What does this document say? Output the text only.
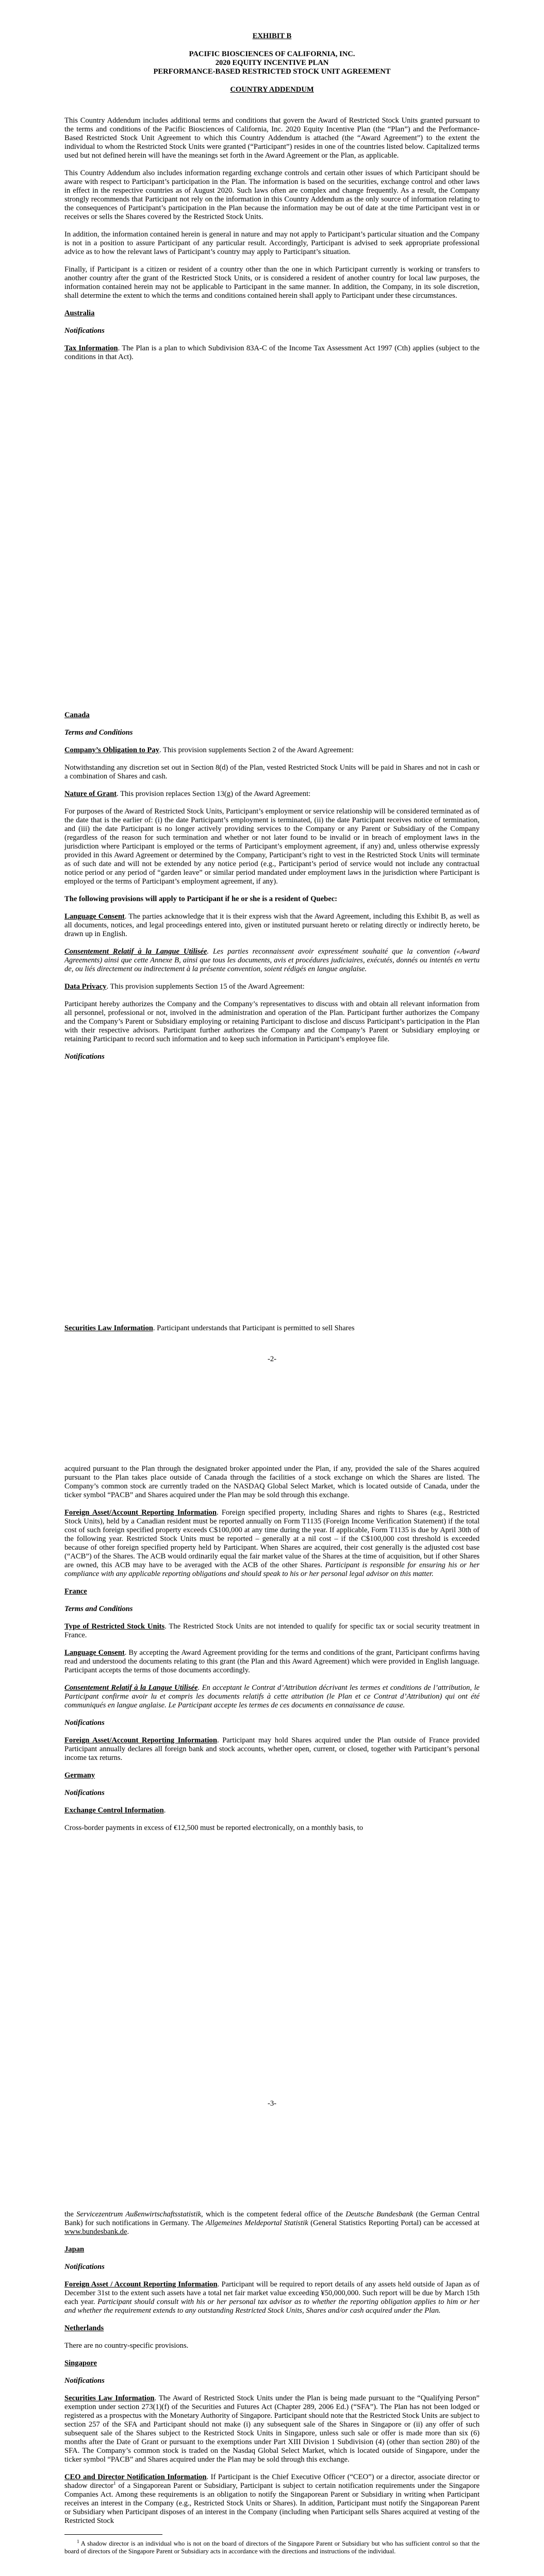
EXHIBIT B
PACIFIC BIOSCIENCES OF CALIFORNIA, INC.
2020 EQUITY INCENTIVE PLAN
PERFORMANCE-BASED RESTRICTED STOCK UNIT AGREEMENT
COUNTRY ADDENDUM

This Country Addendum includes additional terms and conditions that govern the Award of Restricted Stock Units granted pursuant to the terms and conditions of the Pacific Biosciences of California, Inc. 2020 Equity Incentive Plan (the “Plan”) and the Performance-Based Restricted Stock Unit Agreement to which this Country Addendum is attached (the “Award Agreement”) to the extent the individual to whom the Restricted Stock Units were granted (“Participant”) resides in one of the countries listed below. Capitalized terms used but not defined herein will have the meanings set forth in the Award Agreement or the Plan, as applicable.

This Country Addendum also includes information regarding exchange controls and certain other issues of which Participant should be aware with respect to Participant’s participation in the Plan. The information is based on the securities, exchange control and other laws in effect in the respective countries as of August 2020. Such laws often are complex and change frequently. As a result, the Company strongly recommends that Participant not rely on the information in this Country Addendum as the only source of information relating to the consequences of Participant’s participation in the Plan because the information may be out of date at the time Participant vest in or receives or sells the Shares covered by the Restricted Stock Units.

In addition, the information contained herein is general in nature and may not apply to Participant’s particular situation and the Company is not in a position to assure Participant of any particular result. Accordingly, Participant is advised to seek appropriate professional advice as to how the relevant laws of Participant’s country may apply to Participant’s situation.

Finally, if Participant is a citizen or resident of a country other than the one in which Participant currently is working or transfers to another country after the grant of the Restricted Stock Units, or is considered a resident of another country for local law purposes, the information contained herein may not be applicable to Participant in the same manner. In addition, the Company, in its sole discretion, shall determine the extent to which the terms and conditions contained herein shall apply to Participant under these circumstances.

Australia

Notifications

Tax Information. The Plan is a plan to which Subdivision 83A-C of the Income Tax Assessment Act 1997 (Cth) applies (subject to the conditions in that Act).

Canada

Terms and Conditions

Company’s Obligation to Pay. This provision supplements Section 2 of the Award Agreement:

Notwithstanding any discretion set out in Section 8(d) of the Plan, vested Restricted Stock Units will be paid in Shares and not in cash or a combination of Shares and cash.

Nature of Grant. This provision replaces Section 13(g) of the Award Agreement:

For purposes of the Award of Restricted Stock Units, Participant’s employment or service relationship will be considered terminated as of the date that is the earlier of: (i) the date Participant’s employment is terminated, (ii) the date Participant receives notice of termination, and (iii) the date Participant is no longer actively providing services to the Company or any Parent or Subsidiary of the Company (regardless of the reason for such termination and whether or not later found to be invalid or in breach of employment laws in the jurisdiction where Participant is employed or the terms of Participant’s employment agreement, if any) and, unless otherwise expressly provided in this Award Agreement or determined by the Company, Participant’s right to vest in the Restricted Stock Units will terminate as of such date and will not be extended by any notice period (e.g., Participant’s period of service would not include any contractual notice period or any period of “garden leave” or similar period mandated under employment laws in the jurisdiction where Participant is employed or the terms of Participant’s employment agreement, if any).

The following provisions will apply to Participant if he or she is a resident of Quebec:

Language Consent. The parties acknowledge that it is their express wish that the Award Agreement, including this Exhibit B, as well as all documents, notices, and legal proceedings entered into, given or instituted pursuant hereto or relating directly or indirectly hereto, be drawn up in English.

Consentement Relatif à la Langue Utilisée. Les parties reconnaissent avoir expressément souhaité que la convention («Award Agreements) ainsi que cette Annexe B, ainsi que tous les documents, avis et procédures judiciaires, exécutés, donnés ou intentés en vertu de, ou liés directement ou indirectement à la présente convention, soient rédigés en langue anglaise.

Data Privacy. This provision supplements Section 15 of the Award Agreement:

Participant hereby authorizes the Company and the Company’s representatives to discuss with and obtain all relevant information from all personnel, professional or not, involved in the administration and operation of the Plan. Participant further authorizes the Company and the Company’s Parent or Subsidiary employing or retaining Participant to disclose and discuss Participant’s participation in the Plan with their respective advisors. Participant further authorizes the Company and the Company’s Parent or Subsidiary employing or retaining Participant to record such information and to keep such information in Participant’s employee file.

Notifications

-2-

Securities Law Information. Participant understands that Participant is permitted to sell Shares

acquired pursuant to the Plan through the designated broker appointed under the Plan, if any, provided the sale of the Shares acquired pursuant to the Plan takes place outside of Canada through the facilities of a stock exchange on which the Shares are listed. The Company’s common stock are currently traded on the NASDAQ Global Select Market, which is located outside of Canada, under the ticker symbol “PACB” and Shares acquired under the Plan may be sold through this exchange.

Foreign Asset/Account Reporting Information. Foreign specified property, including Shares and rights to Shares (e.g., Restricted Stock Units), held by a Canadian resident must be reported annually on Form T1135 (Foreign Income Verification Statement) if the total cost of such foreign specified property exceeds C$100,000 at any time during the year. If applicable, Form T1135 is due by April 30th of the following year. Restricted Stock Units must be reported – generally at a nil cost – if the C$100,000 cost threshold is exceeded because of other foreign specified property held by Participant. When Shares are acquired, their cost generally is the adjusted cost base (“ACB”) of the Shares. The ACB would ordinarily equal the fair market value of the Shares at the time of acquisition, but if other Shares are owned, this ACB may have to be averaged with the ACB of the other Shares. Participant is responsible for ensuring his or her compliance with any applicable reporting obligations and should speak to his or her personal legal advisor on this matter.

France

Terms and Conditions

Type of Restricted Stock Units. The Restricted Stock Units are not intended to qualify for specific tax or social security treatment in France.

Language Consent. By accepting the Award Agreement providing for the terms and conditions of the grant, Participant confirms having read and understood the documents relating to this grant (the Plan and this Award Agreement) which were provided in English language. Participant accepts the terms of those documents accordingly.

Consentement Relatif à la Langue Utilisée. En acceptant le Contrat d’Attribution décrivant les termes et conditions de l’attribution, le Participant confirme avoir lu et compris les documents relatifs à cette attribution (le Plan et ce Contrat d’Attribution) qui ont été communiqués en langue anglaise. Le Participant accepte les termes de ces documents en connaissance de cause.

Notifications

Foreign Asset/Account Reporting Information. Participant may hold Shares acquired under the Plan outside of France provided Participant annually declares all foreign bank and stock accounts, whether open, current, or closed, together with Participant’s personal income tax returns.

Germany

Notifications

Exchange Control Information.

Cross-border payments in excess of €12,500 must be reported electronically, on a monthly basis, to

-3-

the Servicezentrum Außenwirtschaftsstatistik, which is the competent federal office of the Deutsche Bundesbank (the German Central Bank) for such notifications in Germany. The Allgemeines Meldeportal Statistik (General Statistics Reporting Portal) can be accessed at www.bundesbank.de.

Japan

Notifications

Foreign Asset / Account Reporting Information. Participant will be required to report details of any assets held outside of Japan as of December 31st to the extent such assets have a total net fair market value exceeding ¥50,000,000. Such report will be due by March 15th each year. Participant should consult with his or her personal tax advisor as to whether the reporting obligation applies to him or her and whether the requirement extends to any outstanding Restricted Stock Units, Shares and/or cash acquired under the Plan.

Netherlands

There are no country-specific provisions.

Singapore

Notifications

Securities Law Information. The Award of Restricted Stock Units under the Plan is being made pursuant to the “Qualifying Person” exemption under section 273(1)(f) of the Securities and Futures Act (Chapter 289, 2006 Ed.) (“SFA”). The Plan has not been lodged or registered as a prospectus with the Monetary Authority of Singapore. Participant should note that the Restricted Stock Units are subject to section 257 of the SFA and Participant should not make (i) any subsequent sale of the Shares in Singapore or (ii) any offer of such subsequent sale of the Shares subject to the Restricted Stock Units in Singapore, unless such sale or offer is made more than six (6) months after the Date of Grant or pursuant to the exemptions under Part XIII Division 1 Subdivision (4) (other than section 280) of the SFA. The Company’s common stock is traded on the Nasdaq Global Select Market, which is located outside of Singapore, under the ticker symbol “PACB” and Shares acquired under the Plan may be sold through this exchange.

CEO and Director Notification Information. If Participant is the Chief Executive Officer (“CEO”) or a director, associate director or shadow director$^1$ of a Singaporean Parent or Subsidiary, Participant is subject to certain notification requirements under the Singapore Companies Act. Among these requirements is an obligation to notify the Singaporean Parent or Subsidiary in writing when Participant receives an interest in the Company (e.g., Restricted Stock Units or Shares). In addition, Participant must notify the Singaporean Parent or Subsidiary when Participant disposes of an interest in the Company (including when Participant sells Shares acquired at vesting of the Restricted Stock

$^1$ A shadow director is an individual who is not on the board of directors of the Singapore Parent or Subsidiary but who has sufficient control so that the board of directors of the Singapore Parent or Subsidiary acts in accordance with the directions and instructions of the individual.
